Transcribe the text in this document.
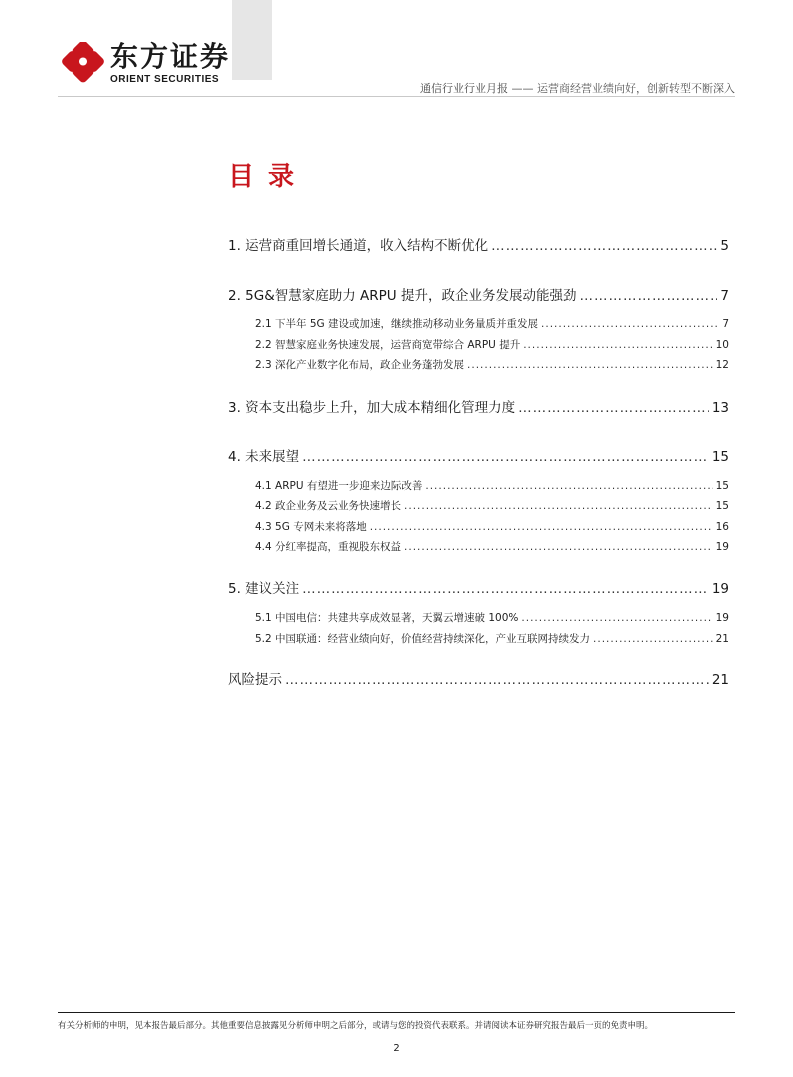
东方证券
ORIENT SECURITIES
通信行业行业月报 —— 运营商经营业绩向好，创新转型不断深入
目录
1. 运营商重回增长通道，收入结构不断优化 ………………………………………………………………………………………………………………………………………………………………………………………………………………………………	5
2. 5G&智慧家庭助力 ARPU 提升，政企业务发展动能强劲 ………………………………………………………………………………………………………………………………………………………………………………………………………………………………	7
2.1 下半年 5G 建设或加速，继续推动移动业务量质并重发展 .....	7
2.2 智慧家庭业务快速发展，运营商宽带综合 ARPU 提升 .....	10
2.3 深化产业数字化布局，政企业务蓬勃发展 .....	12
3. 资本支出稳步上升，加大成本精细化管理力度 ………………………………………………………………………………………………………………………………………………………………………………………………………………………………	13
4. 未来展望 ………………………………………………………………………………………………………………………………………………………………………………………………………………………………	15
4.1 ARPU 有望进一步迎来边际改善 .....	15
4.2 政企业务及云业务快速增长 .....	15
4.3 5G 专网未来将落地 .....	16
4.4 分红率提高，重视股东权益 .....	19
5. 建议关注 ………………………………………………………………………………………………………………………………………………………………………………………………………………………………	19
5.1 中国电信：共建共享成效显著，天翼云增速破 100% .....	19
5.2 中国联通：经营业绩向好，价值经营持续深化，产业互联网持续发力 .....	21
风险提示 ………………………………………………………………………………………………………………………………………………………………………………………………………………………………	21
有关分析师的申明，见本报告最后部分。其他重要信息披露见分析师申明之后部分，或请与您的投资代表联系。并请阅读本证券研究报告最后一页的免责申明。
2
